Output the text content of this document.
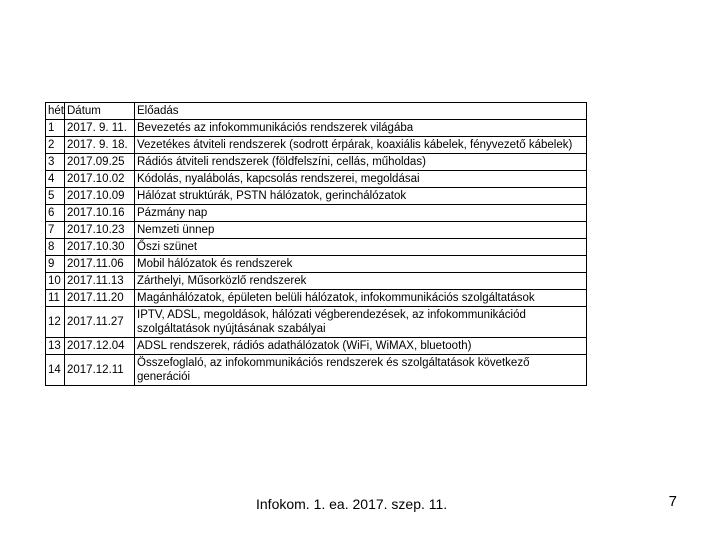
hét	Dátum	Előadás
1	2017. 9. 11.	Bevezetés az infokommunikációs rendszerek világába
2	2017. 9. 18.	Vezetékes átviteli rendszerek (sodrott érpárak, koaxiális kábelek, fényvezető kábelek)
3	2017.09.25	Rádiós átviteli rendszerek (földfelszíni, cellás, műholdas)
4	2017.10.02	Kódolás, nyalábolás, kapcsolás rendszerei, megoldásai
5	2017.10.09	Hálózat struktúrák, PSTN hálózatok, gerinchálózatok
6	2017.10.16	Pázmány nap
7	2017.10.23	Nemzeti ünnep
8	2017.10.30	Őszi szünet
9	2017.11.06	Mobil hálózatok és rendszerek
10	2017.11.13	Zárthelyi, Műsorközlő rendszerek
11	2017.11.20	Magánhálózatok, épületen belüli hálózatok, infokommunikációs szolgáltatások
12	2017.11.27	IPTV, ADSL, megoldások, hálózati végberendezések, az infokommunikációd szolgáltatások nyújtásának szabályai
13	2017.12.04	ADSL rendszerek, rádiós adathálózatok (WiFi, WiMAX, bluetooth)
14	2017.12.11	Összefoglaló, az infokommunikációs rendszerek és szolgáltatások következő generációi
Infokom. 1. ea. 2017. szep. 11.	7
